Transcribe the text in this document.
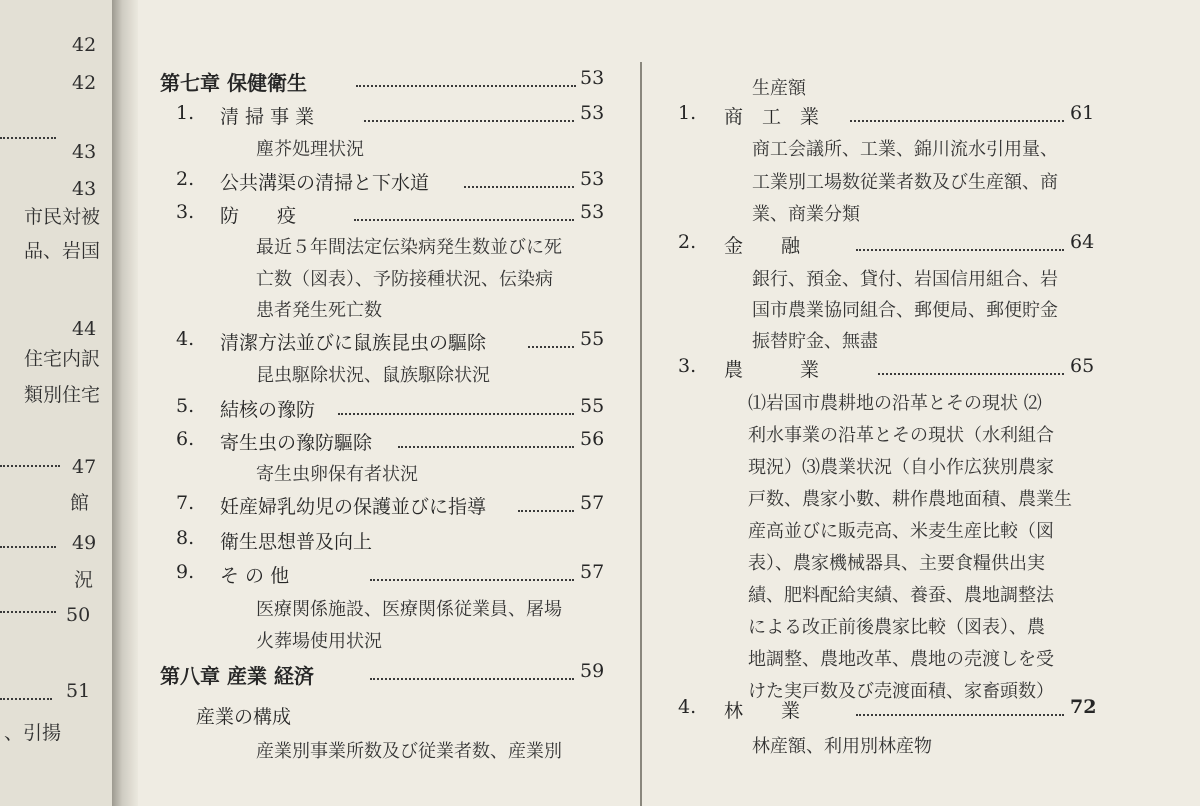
42
42
43
43
市民対被
品、岩国
44
住宅内訳
類別住宅
47
館
49
況
50
51
、引揚
第七章 保健衛生	53
1. 清 掃 事 業	53
塵芥処理状況
2. 公共溝渠の清掃と下水道	53
3. 防　　疫	53
最近５年間法定伝染病発生数並びに死
亡数（図表）、予防接種状況、伝染病
患者発生死亡数
4. 清潔方法並びに鼠族昆虫の驅除	55
昆虫駆除状況、鼠族駆除状況
5. 結核の豫防	55
6. 寄生虫の豫防驅除	56
寄生虫卵保有者状況
7. 妊産婦乳幼児の保護並びに指導	57
8. 衛生思想普及向上
9. そ の 他	57
医療関係施設、医療関係従業員、屠場
火葬場使用状況
第八章 産業 経済	59
産業の構成
産業別事業所数及び従業者数、産業別
生産額
1. 商　工　業	61
商工会議所、工業、錦川流水引用量、
工業別工場数従業者数及び生産額、商
業、商業分類
2. 金　　融	64
銀行、預金、貸付、岩国信用組合、岩
国市農業協同組合、郵便局、郵便貯金
振替貯金、無盡
3. 農　　　業	65
⑴岩国市農耕地の沿革とその現状 ⑵
利水事業の沿革とその現状（水利組合
現況）⑶農業状況（自小作広狭別農家
戸数、農家小數、耕作農地面積、農業生
産高並びに販売高、米麦生産比較（図
表）、農家機械器具、主要食糧供出実
績、肥料配給実績、養蚕、農地調整法
による改正前後農家比較（図表）、農
地調整、農地改革、農地の売渡しを受
けた実戸数及び売渡面積、家畜頭数）
4. 林　　業	72
林産額、利用別林産物
